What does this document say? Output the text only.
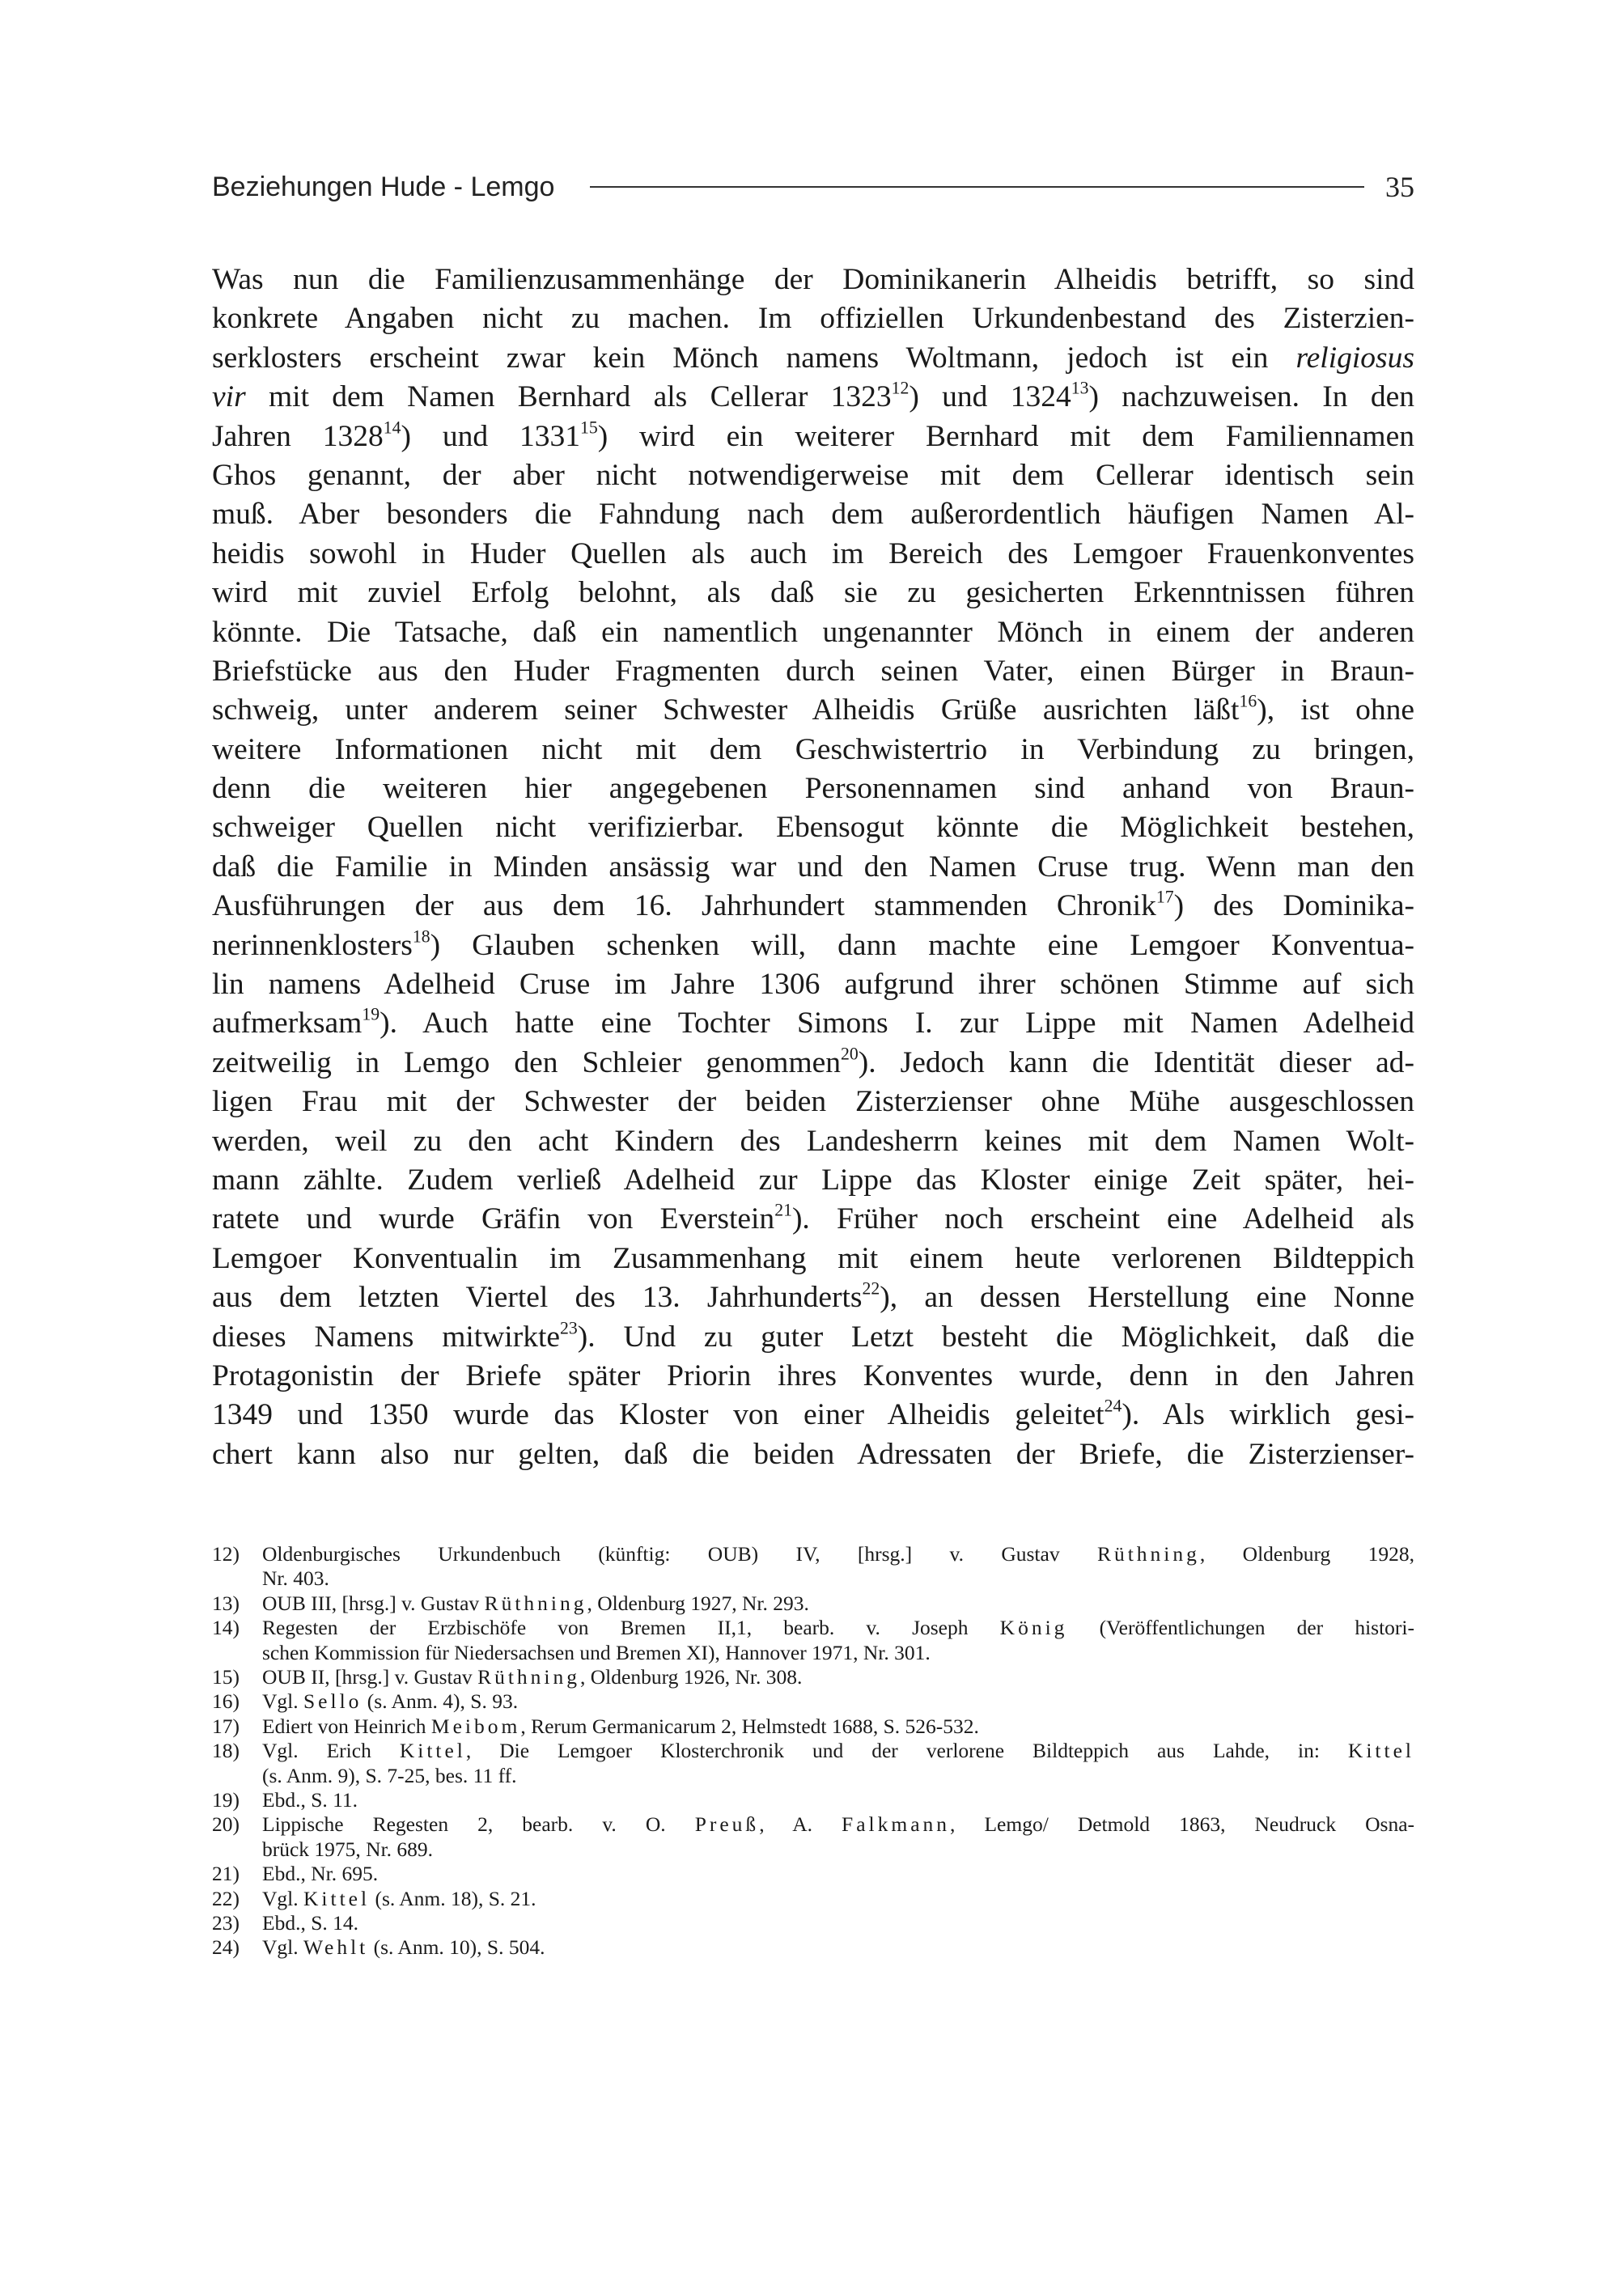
Beziehungen Hude - Lemgo	35
Was nun die Familienzusammenhänge der Dominikanerin Alheidis betrifft, so sind
konkrete Angaben nicht zu machen. Im offiziellen Urkundenbestand des Zisterzien-
serklosters erscheint zwar kein Mönch namens Woltmann, jedoch ist ein religiosus
vir mit dem Namen Bernhard als Cellerar 1323$^{12}$) und 1324$^{13}$) nachzuweisen. In den
Jahren 1328$^{14}$) und 1331$^{15}$) wird ein weiterer Bernhard mit dem Familiennamen
Ghos genannt, der aber nicht notwendigerweise mit dem Cellerar identisch sein
muß. Aber besonders die Fahndung nach dem außerordentlich häufigen Namen Al-
heidis sowohl in Huder Quellen als auch im Bereich des Lemgoer Frauenkonventes
wird mit zuviel Erfolg belohnt, als daß sie zu gesicherten Erkenntnissen führen
könnte. Die Tatsache, daß ein namentlich ungenannter Mönch in einem der anderen
Briefstücke aus den Huder Fragmenten durch seinen Vater, einen Bürger in Braun-
schweig, unter anderem seiner Schwester Alheidis Grüße ausrichten läßt$^{16}$), ist ohne
weitere Informationen nicht mit dem Geschwistertrio in Verbindung zu bringen,
denn die weiteren hier angegebenen Personennamen sind anhand von Braun-
schweiger Quellen nicht verifizierbar. Ebensogut könnte die Möglichkeit bestehen,
daß die Familie in Minden ansässig war und den Namen Cruse trug. Wenn man den
Ausführungen der aus dem 16. Jahrhundert stammenden Chronik$^{17}$) des Dominika-
nerinnenklosters$^{18}$) Glauben schenken will, dann machte eine Lemgoer Konventua-
lin namens Adelheid Cruse im Jahre 1306 aufgrund ihrer schönen Stimme auf sich
aufmerksam$^{19}$). Auch hatte eine Tochter Simons I. zur Lippe mit Namen Adelheid
zeitweilig in Lemgo den Schleier genommen$^{20}$). Jedoch kann die Identität dieser ad-
ligen Frau mit der Schwester der beiden Zisterzienser ohne Mühe ausgeschlossen
werden, weil zu den acht Kindern des Landesherrn keines mit dem Namen Wolt-
mann zählte. Zudem verließ Adelheid zur Lippe das Kloster einige Zeit später, hei-
ratete und wurde Gräfin von Everstein$^{21}$). Früher noch erscheint eine Adelheid als
Lemgoer Konventualin im Zusammenhang mit einem heute verlorenen Bildteppich
aus dem letzten Viertel des 13. Jahrhunderts$^{22}$), an dessen Herstellung eine Nonne
dieses Namens mitwirkte$^{23}$). Und zu guter Letzt besteht die Möglichkeit, daß die
Protagonistin der Briefe später Priorin ihres Konventes wurde, denn in den Jahren
1349 und 1350 wurde das Kloster von einer Alheidis geleitet$^{24}$). Als wirklich gesi-
chert kann also nur gelten, daß die beiden Adressaten der Briefe, die Zisterzienser-
12)	Oldenburgisches Urkundenbuch (künftig: OUB) IV, [hrsg.] v. Gustav Rüthning, Oldenburg 1928,
Nr. 403.
13)	OUB III, [hrsg.] v. Gustav Rüthning, Oldenburg 1927, Nr. 293.
14)	Regesten der Erzbischöfe von Bremen II,1, bearb. v. Joseph König (Veröffentlichungen der histori-
schen Kommission für Niedersachsen und Bremen XI), Hannover 1971, Nr. 301.
15)	OUB II, [hrsg.] v. Gustav Rüthning, Oldenburg 1926, Nr. 308.
16)	Vgl. Sello (s. Anm. 4), S. 93.
17)	Ediert von Heinrich Meibom, Rerum Germanicarum 2, Helmstedt 1688, S. 526-532.
18)	Vgl. Erich Kittel, Die Lemgoer Klosterchronik und der verlorene Bildteppich aus Lahde, in: Kittel
(s. Anm. 9), S. 7-25, bes. 11 ff.
19)	Ebd., S. 11.
20)	Lippische Regesten 2, bearb. v. O. Preuß, A. Falkmann, Lemgo/ Detmold 1863, Neudruck Osna-
brück 1975, Nr. 689.
21)	Ebd., Nr. 695.
22)	Vgl. Kittel (s. Anm. 18), S. 21.
23)	Ebd., S. 14.
24)	Vgl. Wehlt (s. Anm. 10), S. 504.
